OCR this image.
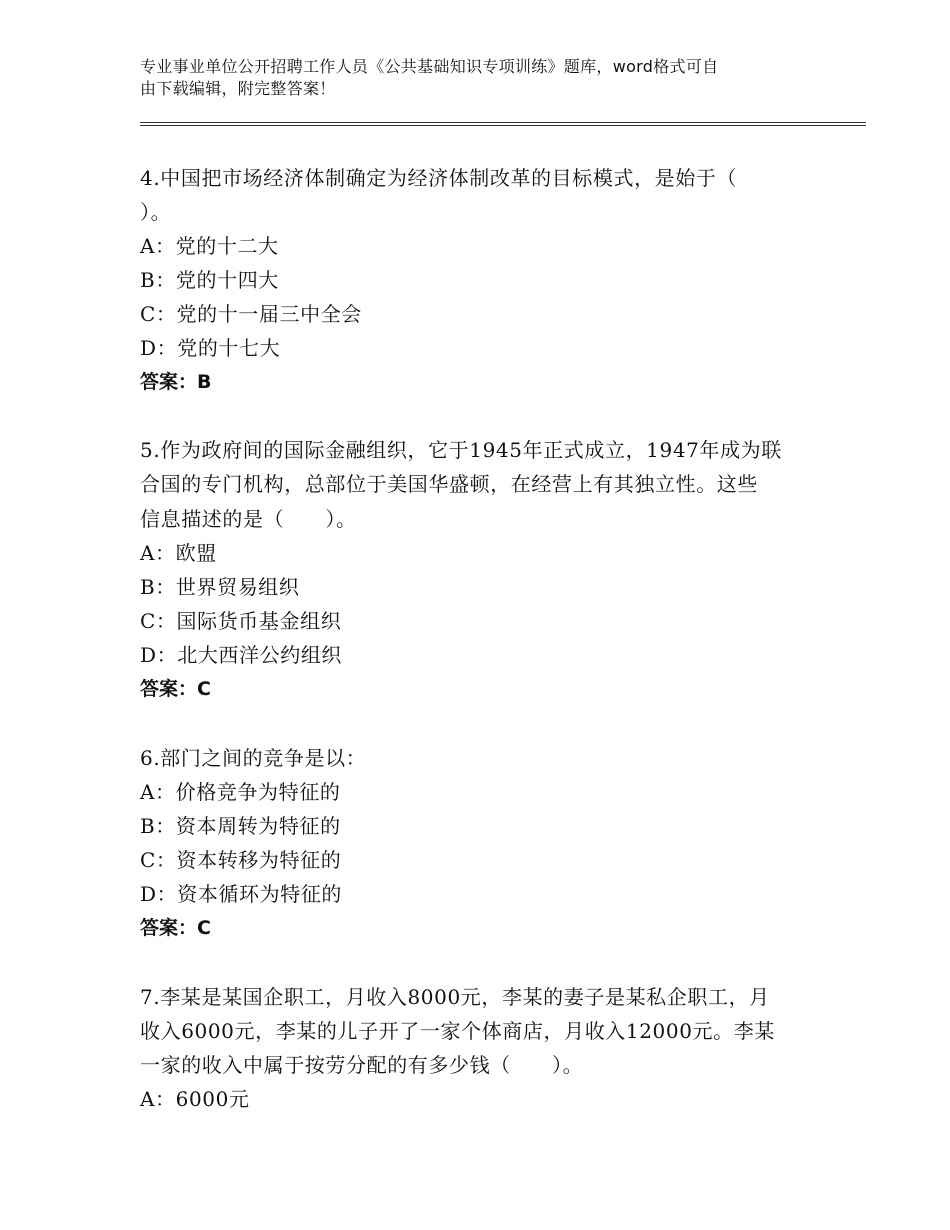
专业事业单位公开招聘工作人员《公共基础知识专项训练》题库，word格式可自
由下载编辑，附完整答案！
4.中国把市场经济体制确定为经济体制改革的目标模式，是始于（
）。
A：党的十二大
B：党的十四大
C：党的十一届三中全会
D：党的十七大
答案：B
5.作为政府间的国际金融组织，它于1945年正式成立，1947年成为联
合国的专门机构，总部位于美国华盛顿，在经营上有其独立性。这些
信息描述的是（　　）。
A：欧盟
B：世界贸易组织
C：国际货币基金组织
D：北大西洋公约组织
答案：C
6.部门之间的竞争是以：
A：价格竞争为特征的
B：资本周转为特征的
C：资本转移为特征的
D：资本循环为特征的
答案：C
7.李某是某国企职工，月收入8000元，李某的妻子是某私企职工，月
收入6000元，李某的儿子开了一家个体商店，月收入12000元。李某
一家的收入中属于按劳分配的有多少钱（　　）。
A：6000元
